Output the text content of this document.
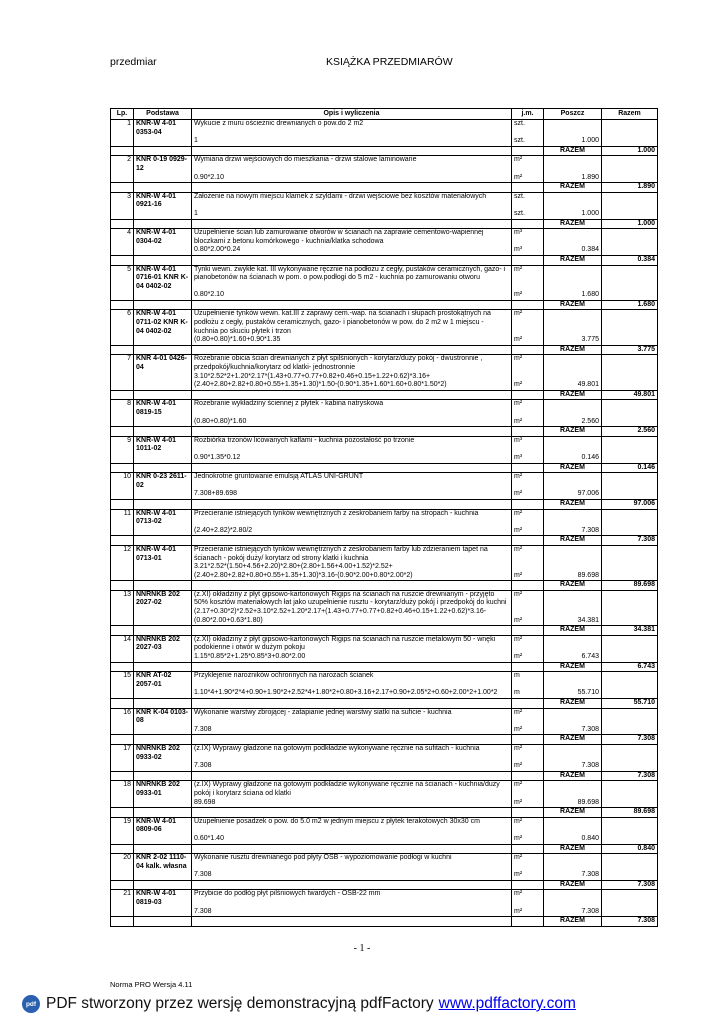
przedmiar	KSIĄŻKA PRZEDMIARÓW
Lp.	Podstawa	Opis i wyliczenia	j.m.	Poszcz	Razem
1	KNR-W 4-01 0353-04	Wykucie z muru ościeżnic drewnianych o pow.do 2 m2	szt.		
		1	szt.	1.000	
				RAZEM	1.000
2	KNR 0-19 0929-12	Wymiana drzwi wejściowych do mieszkania - drzwi stalowe laminowane	m²		
		0.90*2.10	m²	1.890	
				RAZEM	1.890
3	KNR-W 4-01 0921-16	Założenie na nowym miejscu klamek z szyldami - drzwi wejściowe bez kosztów materiałowych	szt.		
		1	szt.	1.000	
				RAZEM	1.000
4	KNR-W 4-01 0304-02	Uzupełnienie ścian lub zamurowanie otworów w ścianach na zaprawie cementowo-wapiennej bloczkami z betonu komórkowego - kuchnia/klatka schodowa	m³		
		0.80*2.00*0.24	m³	0.384	
				RAZEM	0.384
5	KNR-W 4-01 0716-01 KNR K-04 0402-02	Tynki wewn. zwykłe kat. III wykonywane ręcznie na podłożu z cegły, pustaków ceramicznych, gazo- i pianobetonów na ścianach w pom. o pow.podłogi do 5 m2 - kuchnia po zamurowaniu otworu	m²		
		0.80*2.10	m²	1.680	
				RAZEM	1.680
6	KNR-W 4-01 0711-02 KNR K-04 0402-02	Uzupełnienie tynków wewn. kat.III z zaprawy cem.-wap. na ścianach i słupach prostokątnych na podłożu z cegły, pustaków ceramicznych, gazo- i pianobetonów w pow. do 2 m2 w 1 miejscu - kuchnia po skuciu płytek i trzon	m²		
		(0.80+0.80)*1.60+0.90*1.35	m²	3.775	
				RAZEM	3.775
7	KNR 4-01 0426-04	Rozebranie obicia ścian drewnianych z płyt spilśnionych - korytarz/duży pokój - dwustronnie , przedpokój/kuchnia/korytarz od klatki- jednostronnie	m²		
		3.10*2.52*2+1.20*2.17*(1.43+0.77+0.77+0.82+0.46+0.15+1.22+0.62)*3.16+(2.40+2.80+2.82+0.80+0.55+1.35+1.30)*1.50-(0.90*1.35+1.60*1.60+0.80*1.50*2)	m²	49.801	
				RAZEM	49.801
8	KNR-W 4-01 0819-15	Rozebranie wykładziny ściennej z płytek - kabina natryskowa	m²		
		(0.80+0.80)*1.60	m²	2.560	
				RAZEM	2.560
9	KNR-W 4-01 1011-02	Rozbiórka trzonów licowanych kaflami - kuchnia pozostałość po trzonie	m³		
		0.90*1.35*0.12	m³	0.146	
				RAZEM	0.146
10	KNR 0-23 2611-02	Jednokrotne gruntowanie emulsją ATLAS UNI-GRUNT	m²		
		7.308+89.698	m²	97.006	
				RAZEM	97.006
11	KNR-W 4-01 0713-02	Przecieranie istniejących tynków wewnętrznych z zeskrobaniem farby na stropach - kuchnia	m²		
		(2.40+2.82)*2.80/2	m²	7.308	
				RAZEM	7.308
12	KNR-W 4-01 0713-01	Przecieranie istniejących tynków wewnętrznych z zeskrobaniem farby lub zdzieraniem tapet na ścianach - pokój duży/ korytarz od strony klatki i kuchnia	m²		
		3.21*2.52*(1.50+4.56+2.20)*2.80+(2.80+1.56+4.00+1.52)*2.52+(2.40+2.80+2.82+0.80+0.55+1.35+1.30)*3.16-(0.90*2.00+0.80*2.00*2)	m²	89.698	
				RAZEM	89.698
13	NNRNKB 202 2027-02	(z.XI) okładziny z płyt gipsowo-kartonowych Rigips na ścianach na ruszcie drewnianym - przyjęto 50% kosztów materiałowych łat jako uzupełnienie rusztu - korytarz/duży pokój i przedpokój do kuchni	m²		
		(2.17+0.30*2)*2.52+3.10*2.52+1.20*2.17+(1.43+0.77+0.77+0.82+0.46+0.15+1.22+0.62)*3.16-(0.80*2.00+0.63*1.80)	m²	34.381	
				RAZEM	34.381
14	NNRNKB 202 2027-03	(z.XI) okładziny z płyt gipsowo-kartonowych Rigips na ścianach na ruszcie metalowym 50 - wnęki podokienne i otwór w dużym pokoju	m²		
		1.15*0.85*2+1.25*0.85*3+0.80*2.00	m²	6.743	
				RAZEM	6.743
15	KNR AT-02 2057-01	Przyklejenie narożników ochronnych na narożach ścianek	m		
		1.10*4+1.90*2*4+0.90+1.90*2+2.52*4+1.80*2+0.80+3.16+2.17+0.90+2.05*2+0.60+2.00*2+1.00*2	m	55.710	
				RAZEM	55.710
16	KNR K-04 0103-08	Wykonanie warstwy zbrojącej - zatapianie jednej warstwy siatki na suficie - kuchnia	m²		
		7.308	m²	7.308	
				RAZEM	7.308
17	NNRNKB 202 0933-02	(z.IX) Wyprawy gładzone na gotowym podkładzie wykonywane ręcznie na sufitach - kuchnia	m²		
		7.308	m²	7.308	
				RAZEM	7.308
18	NNRNKB 202 0933-01	(z.IX) Wyprawy gładzone na gotowym podkładzie wykonywane ręcznie na ścianach - kuchnia/duży pokój i korytarz ściana od klatki	m²		
		89.698	m²	89.698	
				RAZEM	89.698
19	KNR-W 4-01 0809-06	Uzupełnienie posadzek o pow. do 5.0 m2 w jednym miejscu z płytek terakotowych 30x30 cm	m²		
		0.60*1.40	m²	0.840	
				RAZEM	0.840
20	KNR 2-02 1110-04 kalk. własna	Wykonanie rusztu drewnianego pod płyty OSB - wypoziomowanie podłogi w kuchni	m²		
		7.308	m²	7.308	
				RAZEM	7.308
21	KNR-W 4-01 0819-03	Przybicie do podłóg płyt pilśniowych twardych - OSB-22 mm	m²		
		7.308	m²	7.308	
				RAZEM	7.308
- 1 -
Norma PRO Wersja 4.11
pdf PDF stworzony przez wersję demonstracyjną pdfFactory www.pdffactory.com
